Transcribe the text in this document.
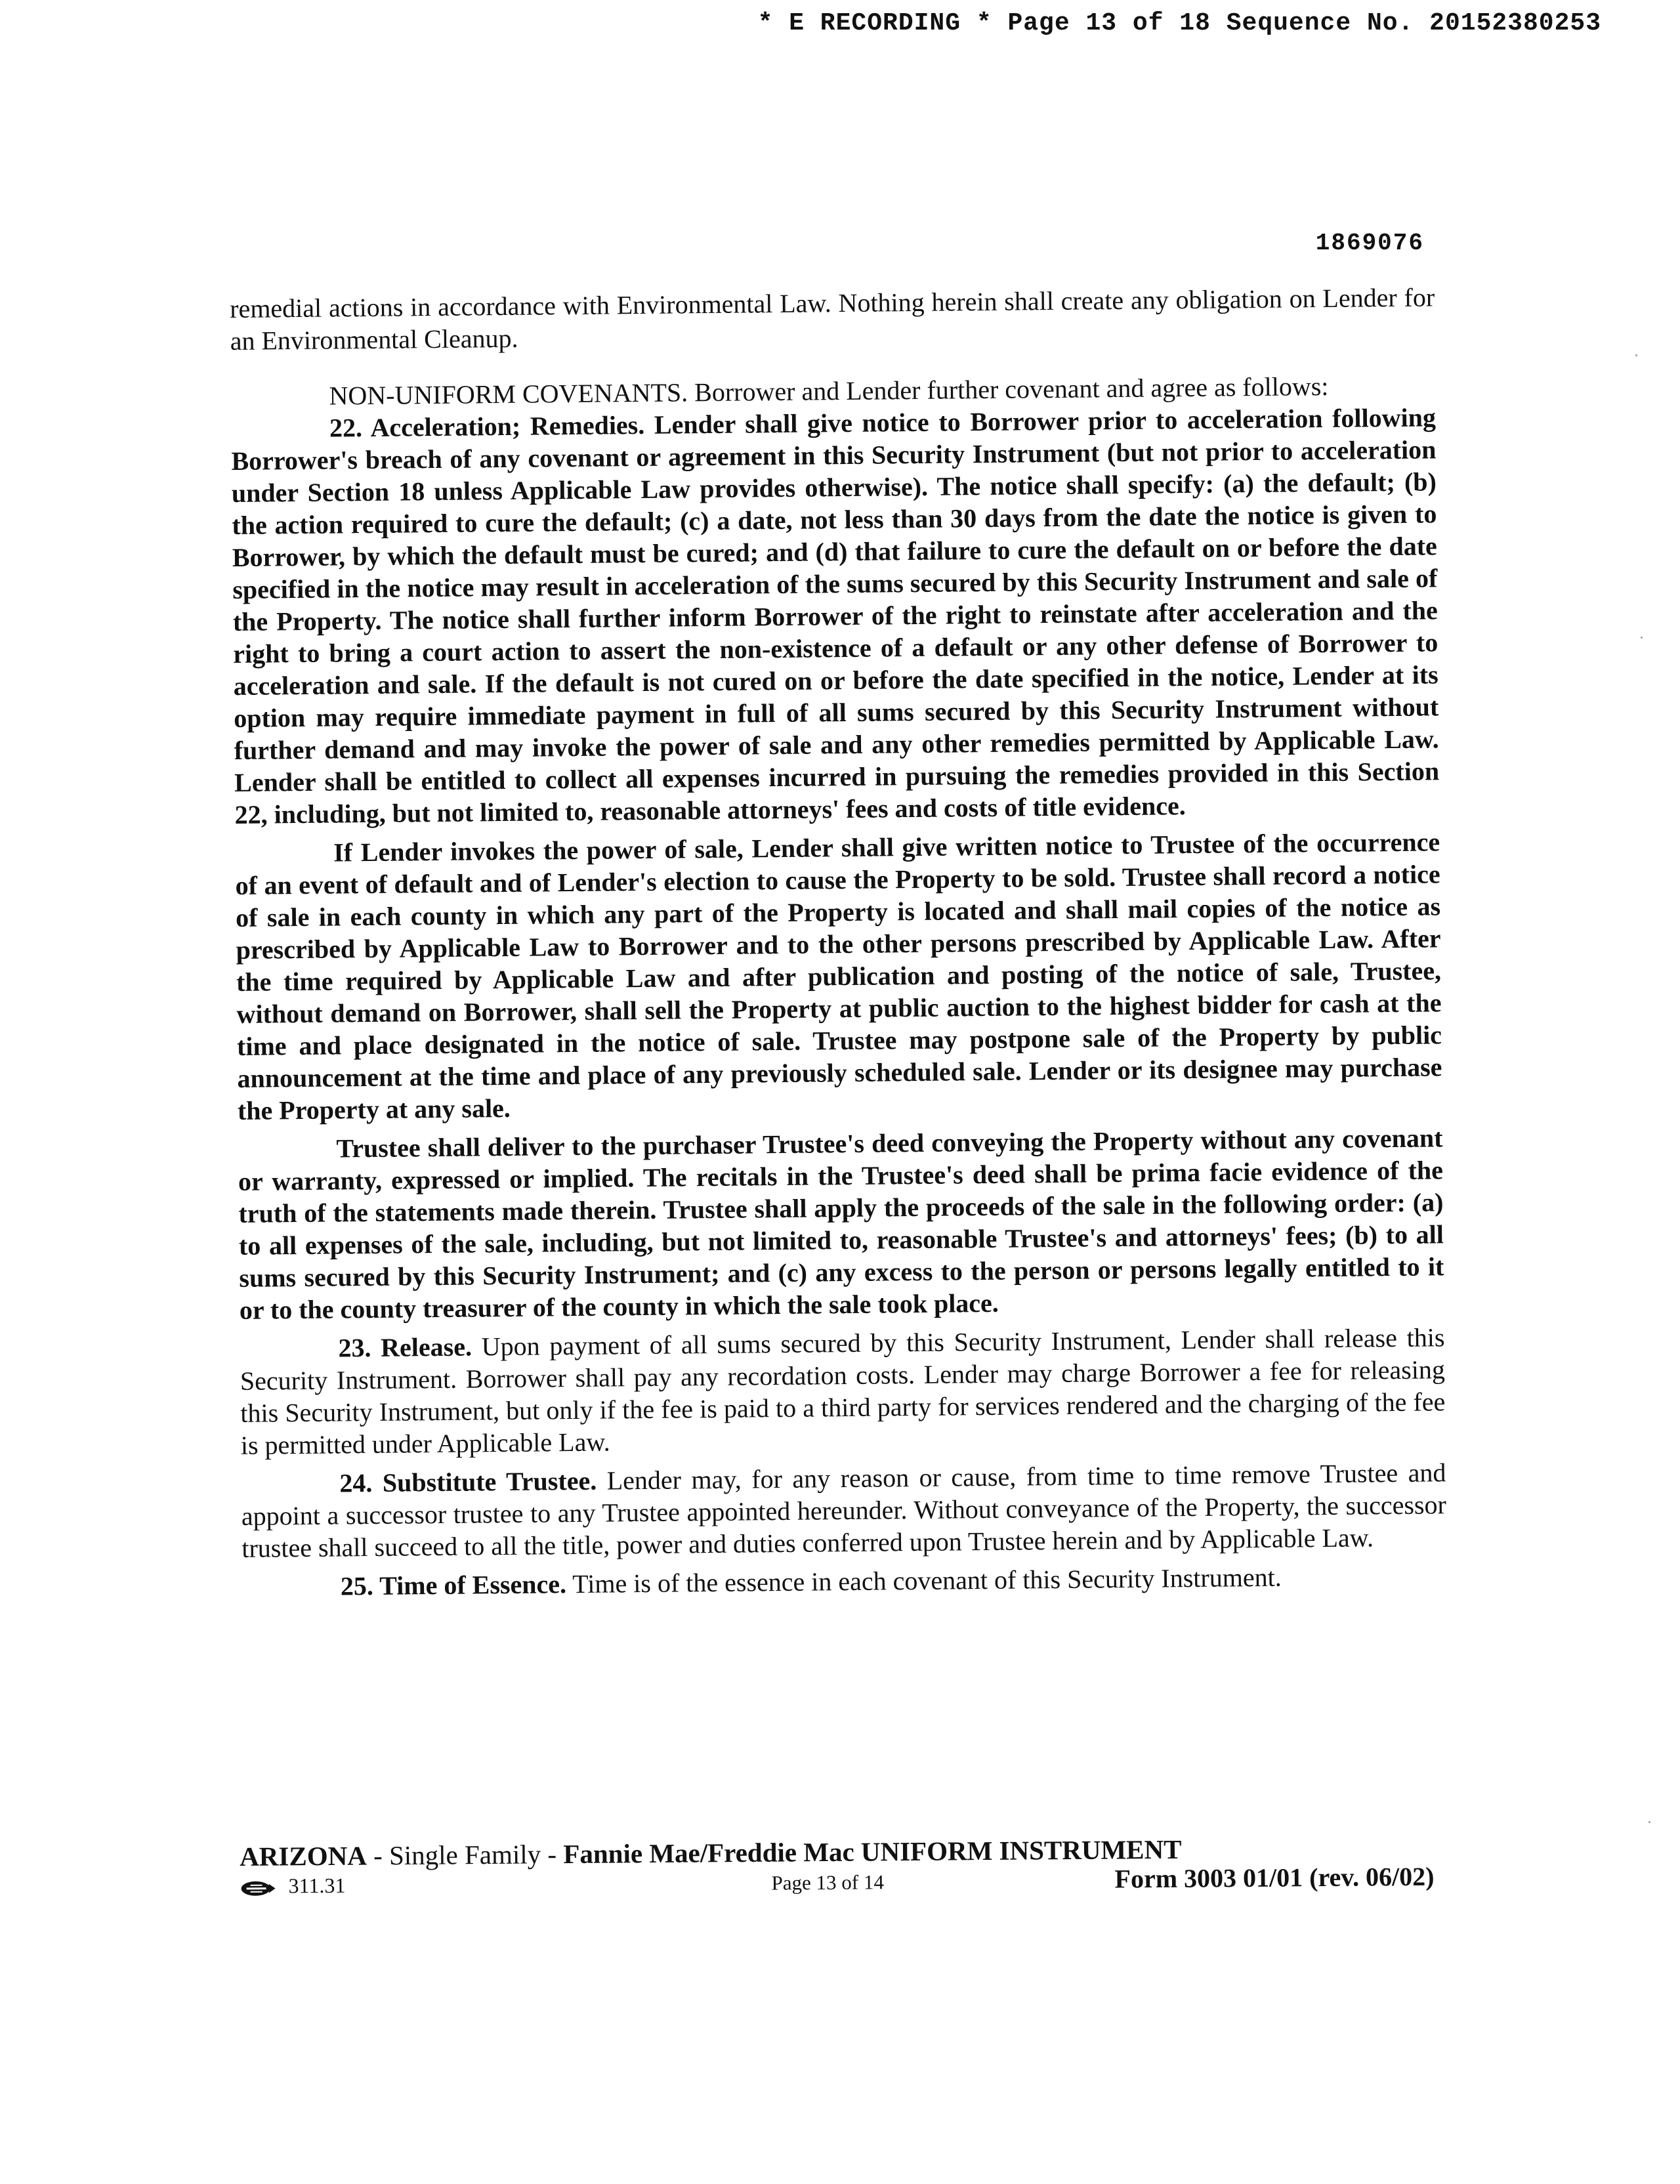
* E RECORDING * Page 13 of 18 Sequence No. 20152380253
1869076

remedial actions in accordance with Environmental Law. Nothing herein shall create any obligation on Lender for an Environmental Cleanup.

NON-UNIFORM COVENANTS. Borrower and Lender further covenant and agree as follows:

22. Acceleration; Remedies. Lender shall give notice to Borrower prior to acceleration following Borrower's breach of any covenant or agreement in this Security Instrument (but not prior to acceleration under Section 18 unless Applicable Law provides otherwise). The notice shall specify: (a) the default; (b) the action required to cure the default; (c) a date, not less than 30 days from the date the notice is given to Borrower, by which the default must be cured; and (d) that failure to cure the default on or before the date specified in the notice may result in acceleration of the sums secured by this Security Instrument and sale of the Property. The notice shall further inform Borrower of the right to reinstate after acceleration and the right to bring a court action to assert the non-existence of a default or any other defense of Borrower to acceleration and sale. If the default is not cured on or before the date specified in the notice, Lender at its option may require immediate payment in full of all sums secured by this Security Instrument without further demand and may invoke the power of sale and any other remedies permitted by Applicable Law. Lender shall be entitled to collect all expenses incurred in pursuing the remedies provided in this Section 22, including, but not limited to, reasonable attorneys' fees and costs of title evidence.

If Lender invokes the power of sale, Lender shall give written notice to Trustee of the occurrence of an event of default and of Lender's election to cause the Property to be sold. Trustee shall record a notice of sale in each county in which any part of the Property is located and shall mail copies of the notice as prescribed by Applicable Law to Borrower and to the other persons prescribed by Applicable Law. After the time required by Applicable Law and after publication and posting of the notice of sale, Trustee, without demand on Borrower, shall sell the Property at public auction to the highest bidder for cash at the time and place designated in the notice of sale. Trustee may postpone sale of the Property by public announcement at the time and place of any previously scheduled sale. Lender or its designee may purchase the Property at any sale.

Trustee shall deliver to the purchaser Trustee's deed conveying the Property without any covenant or warranty, expressed or implied. The recitals in the Trustee's deed shall be prima facie evidence of the truth of the statements made therein. Trustee shall apply the proceeds of the sale in the following order: (a) to all expenses of the sale, including, but not limited to, reasonable Trustee's and attorneys' fees; (b) to all sums secured by this Security Instrument; and (c) any excess to the person or persons legally entitled to it or to the county treasurer of the county in which the sale took place.

23. Release. Upon payment of all sums secured by this Security Instrument, Lender shall release this Security Instrument. Borrower shall pay any recordation costs. Lender may charge Borrower a fee for releasing this Security Instrument, but only if the fee is paid to a third party for services rendered and the charging of the fee is permitted under Applicable Law.

24. Substitute Trustee. Lender may, for any reason or cause, from time to time remove Trustee and appoint a successor trustee to any Trustee appointed hereunder. Without conveyance of the Property, the successor trustee shall succeed to all the title, power and duties conferred upon Trustee herein and by Applicable Law.

25. Time of Essence. Time is of the essence in each covenant of this Security Instrument.

ARIZONA - Single Family - Fannie Mae/Freddie Mac UNIFORM INSTRUMENT
311.31	Page 13 of 14	Form 3003 01/01 (rev. 06/02)
